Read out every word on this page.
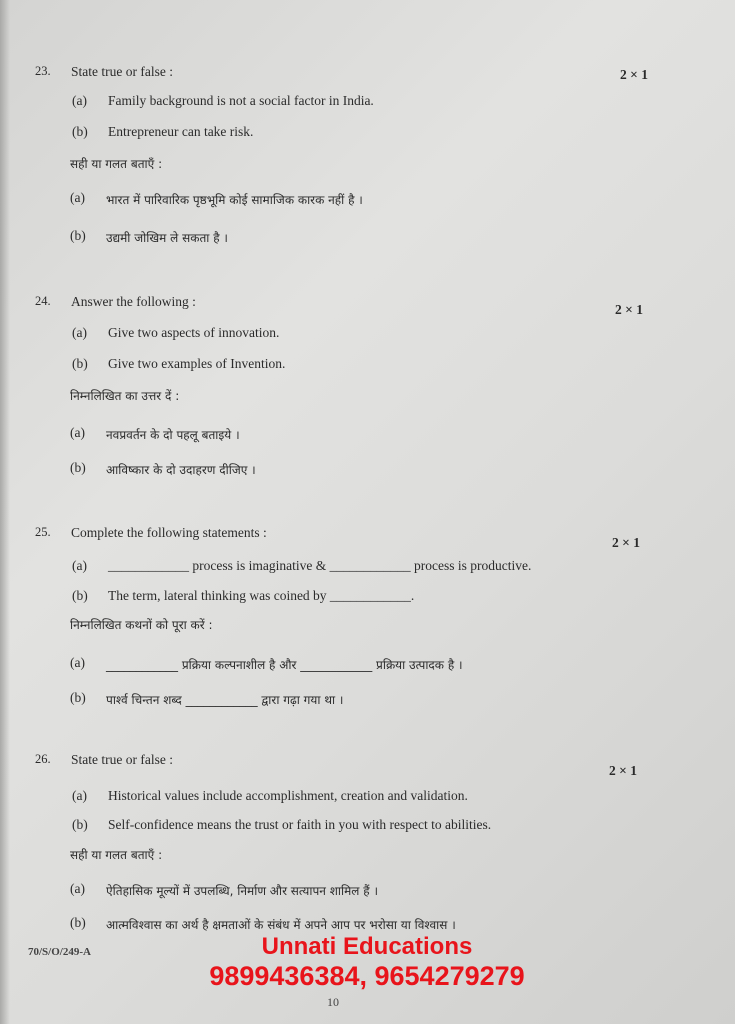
23. State true or false :	2 × 1
(a) Family background is not a social factor in India.
(b) Entrepreneur can take risk.
सही या गलत बताएँ :
(a) भारत में पारिवारिक पृष्ठभूमि कोई सामाजिक कारक नहीं है ।
(b) उद्यमी जोखिम ले सकता है ।
24. Answer the following :
2 × 1
(a) Give two aspects of innovation.
(b) Give two examples of Invention.
निम्नलिखित का उत्तर दें :
(a) नवप्रवर्तन के दो पहलू बताइये ।
(b) आविष्कार के दो उदाहरण दीजिए ।
25. Complete the following statements :
2 × 1
(a) ____________ process is imaginative & ____________ process is productive.
(b) The term, lateral thinking was coined by ____________.
निम्नलिखित कथनों को पूरा करें :
(a) ____________ प्रक्रिया कल्पनाशील है और ____________ प्रक्रिया उत्पादक है ।
(b) पार्श्व चिन्तन शब्द ____________ द्वारा गढ़ा गया था ।
26. State true or false :
2 × 1
(a) Historical values include accomplishment, creation and validation.
(b) Self-confidence means the trust or faith in you with respect to abilities.
सही या गलत बताएँ :
(a) ऐतिहासिक मूल्यों में उपलब्धि, निर्माण और सत्यापन शामिल हैं ।
(b) आत्मविश्वास का अर्थ है क्षमताओं के संबंध में अपने आप पर भरोसा या विश्वास ।
70/S/O/249-A
10
Unnati Educations
9899436384, 9654279279
